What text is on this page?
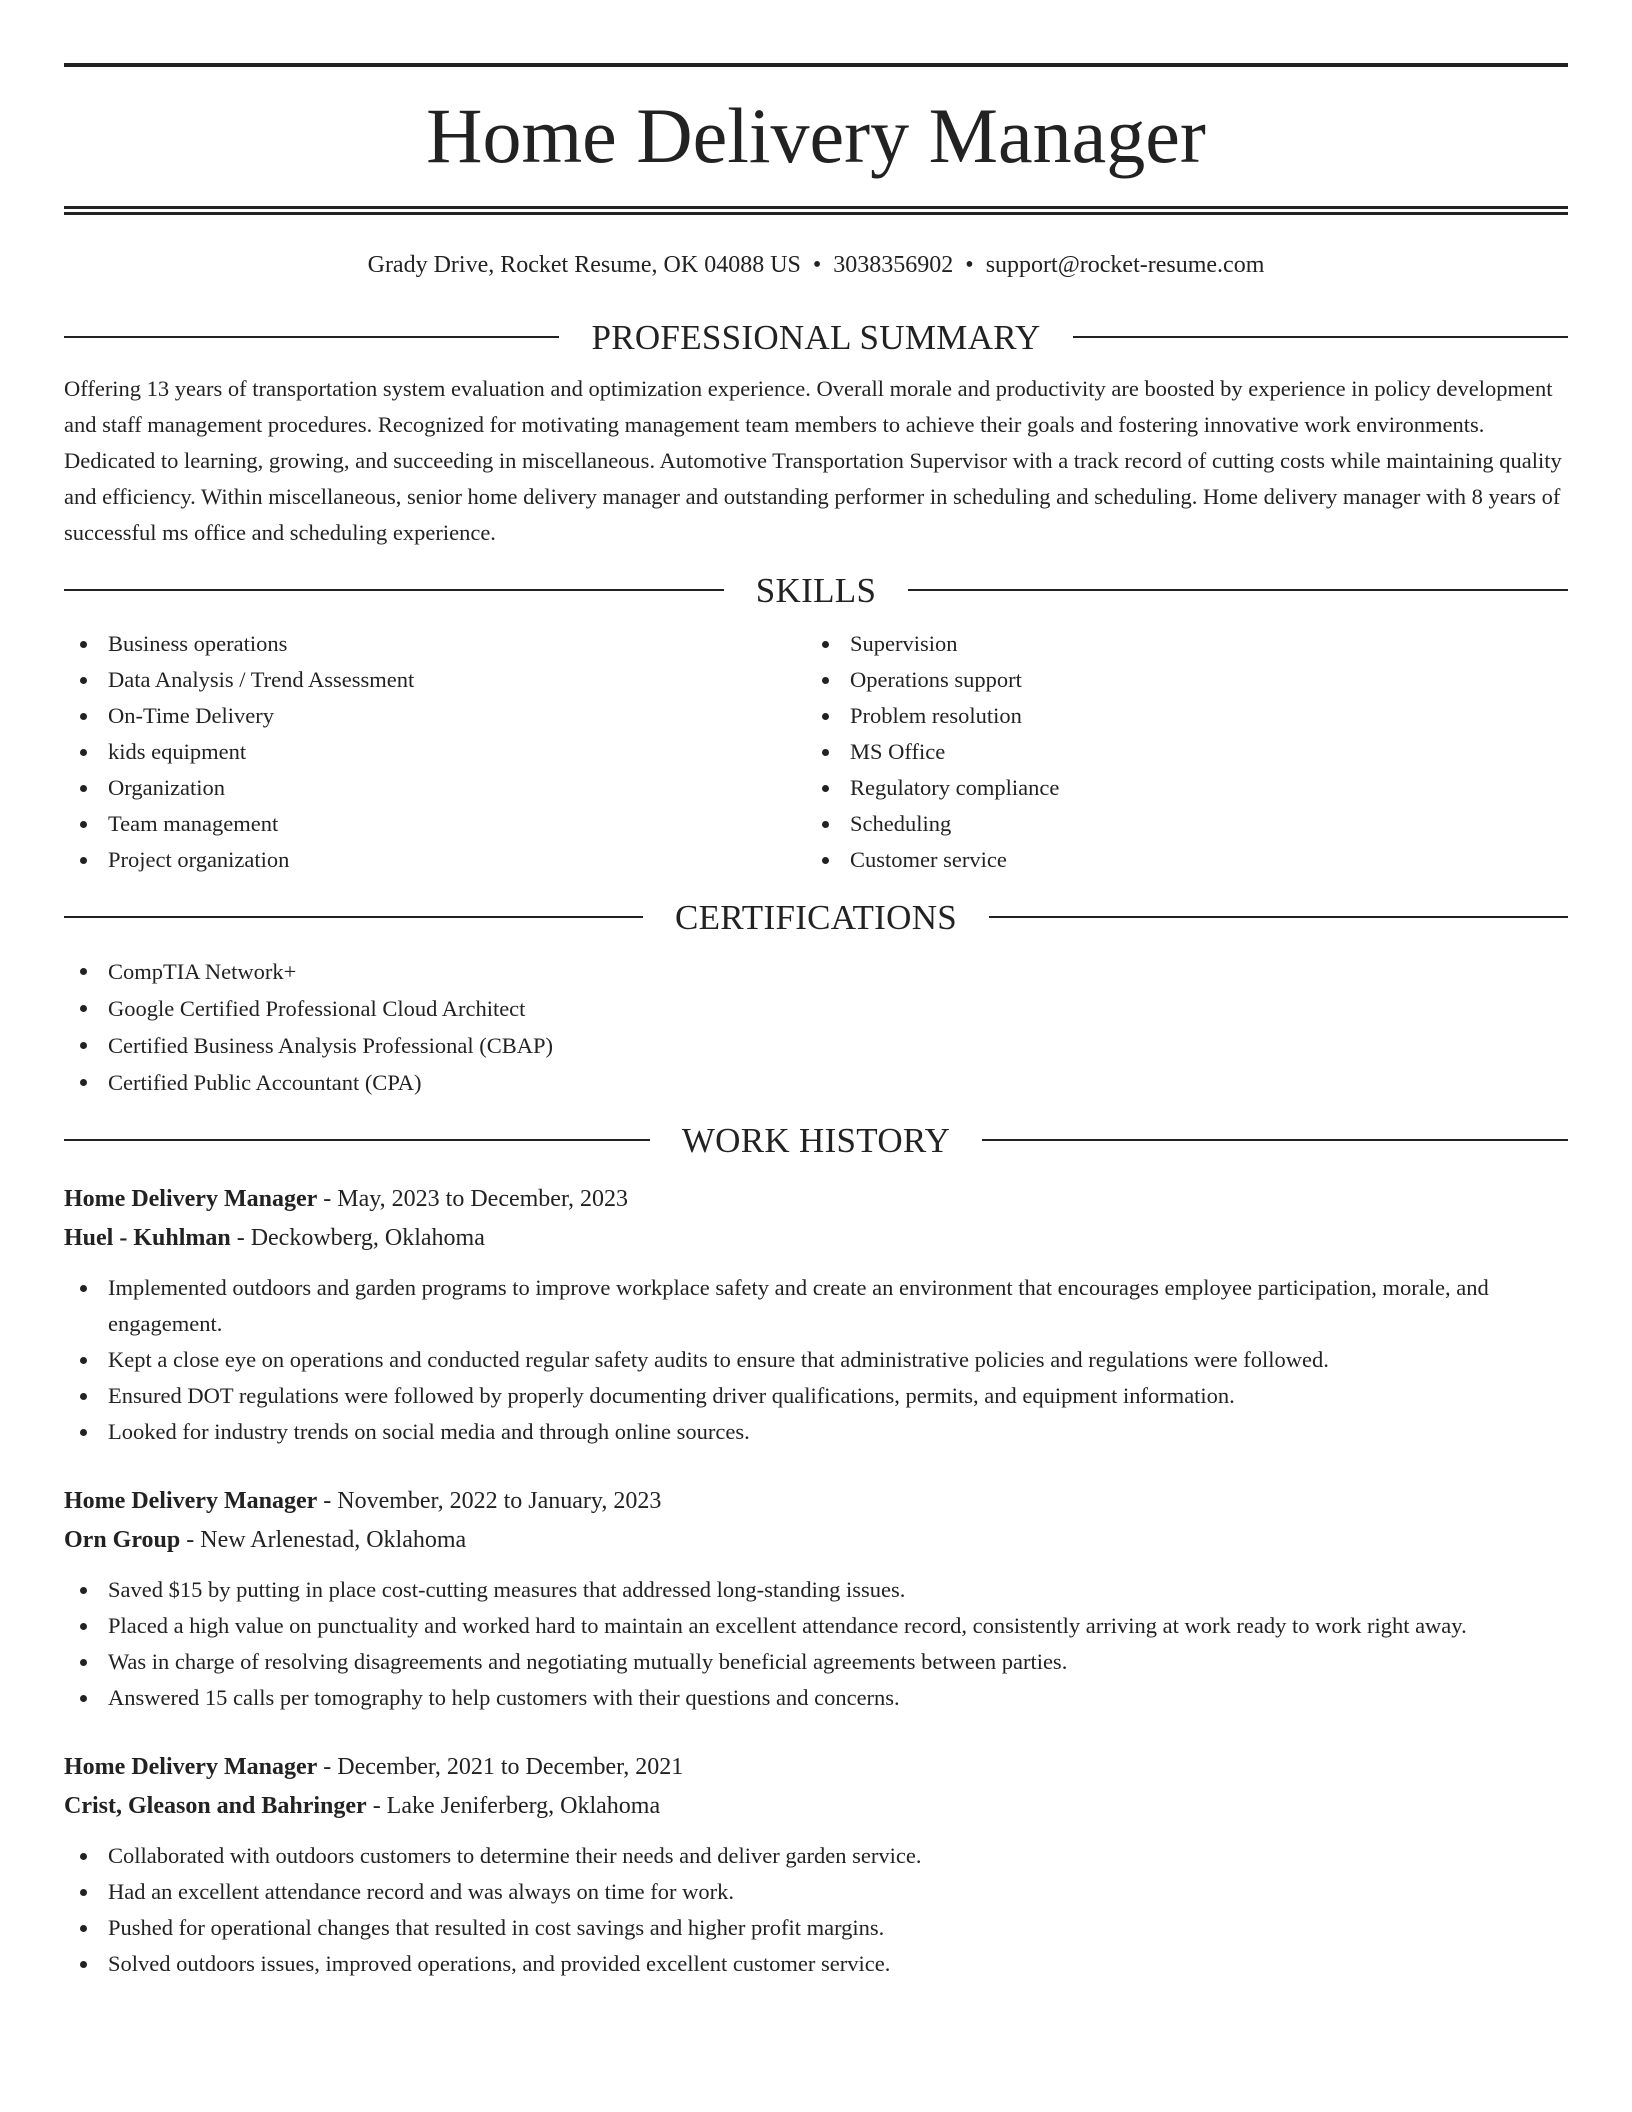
Home Delivery Manager
Grady Drive, Rocket Resume, OK 04088 US • 3038356902 • support@rocket-resume.com
PROFESSIONAL SUMMARY
Offering 13 years of transportation system evaluation and optimization experience. Overall morale and productivity are boosted by experience in policy development and staff management procedures. Recognized for motivating management team members to achieve their goals and fostering innovative work environments. Dedicated to learning, growing, and succeeding in miscellaneous. Automotive Transportation Supervisor with a track record of cutting costs while maintaining quality and efficiency. Within miscellaneous, senior home delivery manager and outstanding performer in scheduling and scheduling. Home delivery manager with 8 years of successful ms office and scheduling experience.
SKILLS
Business operations
Data Analysis / Trend Assessment
On-Time Delivery
kids equipment
Organization
Team management
Project organization
Supervision
Operations support
Problem resolution
MS Office
Regulatory compliance
Scheduling
Customer service
CERTIFICATIONS
CompTIA Network+
Google Certified Professional Cloud Architect
Certified Business Analysis Professional (CBAP)
Certified Public Accountant (CPA)
WORK HISTORY
Home Delivery Manager - May, 2023 to December, 2023
Huel - Kuhlman - Deckowberg, Oklahoma
Implemented outdoors and garden programs to improve workplace safety and create an environment that encourages employee participation, morale, and engagement.
Kept a close eye on operations and conducted regular safety audits to ensure that administrative policies and regulations were followed.
Ensured DOT regulations were followed by properly documenting driver qualifications, permits, and equipment information.
Looked for industry trends on social media and through online sources.
Home Delivery Manager - November, 2022 to January, 2023
Orn Group - New Arlenestad, Oklahoma
Saved $15 by putting in place cost-cutting measures that addressed long-standing issues.
Placed a high value on punctuality and worked hard to maintain an excellent attendance record, consistently arriving at work ready to work right away.
Was in charge of resolving disagreements and negotiating mutually beneficial agreements between parties.
Answered 15 calls per tomography to help customers with their questions and concerns.
Home Delivery Manager - December, 2021 to December, 2021
Crist, Gleason and Bahringer - Lake Jeniferberg, Oklahoma
Collaborated with outdoors customers to determine their needs and deliver garden service.
Had an excellent attendance record and was always on time for work.
Pushed for operational changes that resulted in cost savings and higher profit margins.
Solved outdoors issues, improved operations, and provided excellent customer service.
